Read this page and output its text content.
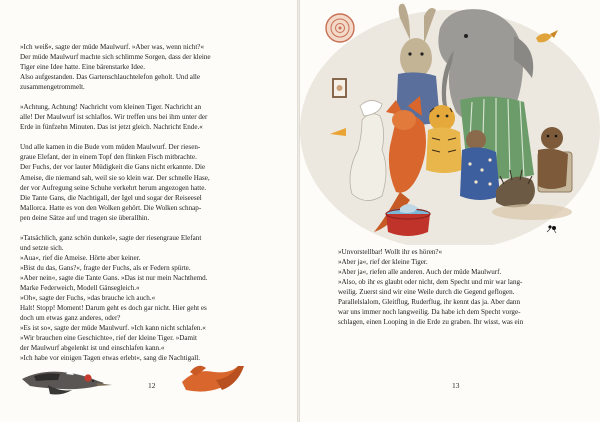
»Ich weiß«, sagte der müde Maulwurf. »Aber was, wenn nicht?«
Der müde Maulwurf machte sich schlimme Sorgen, dass der kleine
Tiger eine Idee hatte. Eine bärenstarke Idee.
Also aufgestanden. Das Gartenschlauchtelefon geholt. Und alle
zusammengetrommelt.

»Achtung, Achtung! Nachricht vom kleinen Tiger. Nachricht an
alle! Der Maulwurf ist schlaflos. Wir treffen uns bei ihm unter der
Erde in fünfzehn Minuten. Das ist jetzt gleich. Nachricht Ende.«

Und alle kamen in die Bude vom müden Maulwurf. Der riesen-
graue Elefant, der in einem Topf den flinken Fisch mitbrachte.
Der Fuchs, der vor lauter Müdigkeit die Gans nicht erkannte. Die
Ameise, die niemand sah, weil sie so klein war. Der schnelle Hase,
der vor Aufregung seine Schuhe verkehrt herum angezogen hatte.
Die Tante Gans, die Nachtigall, der Igel und sogar der Reiseesel
Mallorca. Hatte es von den Wolken gehört. Die Wolken schnap-
pen deine Sätze auf und tragen sie überallhin.

»Tatsächlich, ganz schön dunkel«, sagte der riesengraue Elefant
und setzte sich.
»Aua«, rief die Ameise. Hörte aber keiner.
»Bist du das, Gans?«, fragte der Fuchs, als er Federn spürte.
»Aber nein«, sagte die Tante Gans. »Das ist nur mein Nachthemd.
Marke Federweich, Modell Gänsegleich.«
»Oh«, sagte der Fuchs, »das brauche ich auch.«
Halt! Stopp! Moment! Darum geht es doch gar nicht. Hier geht es
doch um etwas ganz anderes, oder?
»Es ist so«, sagte der müde Maulwurf. »Ich kann nicht schlafen.«
»Wir brauchen eine Geschichte«, rief der kleine Tiger. »Damit
der Maulwurf abgelenkt ist und einschlafen kann.«
»Ich habe vor einigen Tagen etwas erlebt«, sang die Nachtigall.

12

»Unvorstellbar! Wollt ihr es hören?«
»Aber ja«, rief der kleine Tiger.
»Aber ja«, riefen alle anderen. Auch der müde Maulwurf.
»Also, ob ihr es glaubt oder nicht, dem Specht und mir war lang-
weilig. Zuerst sind wir eine Weile durch die Gegend geflogen.
Parallelslalom, Gleitflug, Ruderflug, ihr kennt das ja. Aber dann
war uns immer noch langweilig. Da habe ich dem Specht vorge-
schlagen, einen Looping in die Erde zu graben. Ihr wisst, was ein

13
